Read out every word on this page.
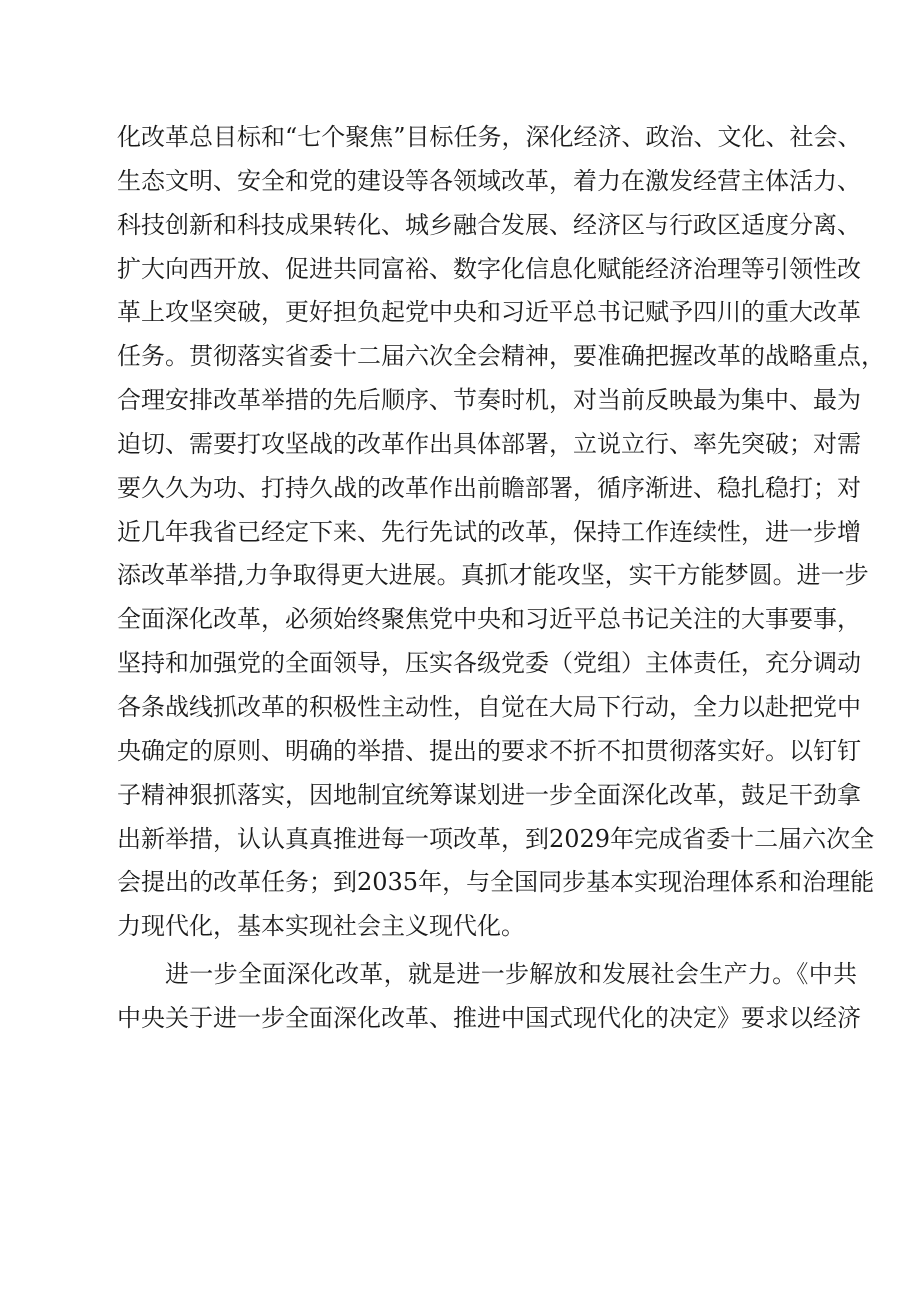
化改革总目标和“七个聚焦”目标任务，深化经济、政治、文化、社会、
生态文明、安全和党的建设等各领域改革，着力在激发经营主体活力、
科技创新和科技成果转化、城乡融合发展、经济区与行政区适度分离、
扩大向西开放、促进共同富裕、数字化信息化赋能经济治理等引领性改
革上攻坚突破，更好担负起党中央和习近平总书记赋予四川的重大改革
任务。贯彻落实省委十二届六次全会精神，要准确把握改革的战略重点，
合理安排改革举措的先后顺序、节奏时机，对当前反映最为集中、最为
迫切、需要打攻坚战的改革作出具体部署，立说立行、率先突破；对需
要久久为功、打持久战的改革作出前瞻部署，循序渐进、稳扎稳打；对
近几年我省已经定下来、先行先试的改革，保持工作连续性，进一步增
添改革举措,力争取得更大进展。真抓才能攻坚，实干方能梦圆。进一步
全面深化改革，必须始终聚焦党中央和习近平总书记关注的大事要事，
坚持和加强党的全面领导，压实各级党委（党组）主体责任，充分调动
各条战线抓改革的积极性主动性，自觉在大局下行动，全力以赴把党中
央确定的原则、明确的举措、提出的要求不折不扣贯彻落实好。以钉钉
子精神狠抓落实，因地制宜统筹谋划进一步全面深化改革，鼓足干劲拿
出新举措，认认真真推进每一项改革，到2029年完成省委十二届六次全
会提出的改革任务；到2035年，与全国同步基本实现治理体系和治理能
力现代化，基本实现社会主义现代化。
进一步全面深化改革，就是进一步解放和发展社会生产力。《中共
中央关于进一步全面深化改革、推进中国式现代化的决定》要求以经济
